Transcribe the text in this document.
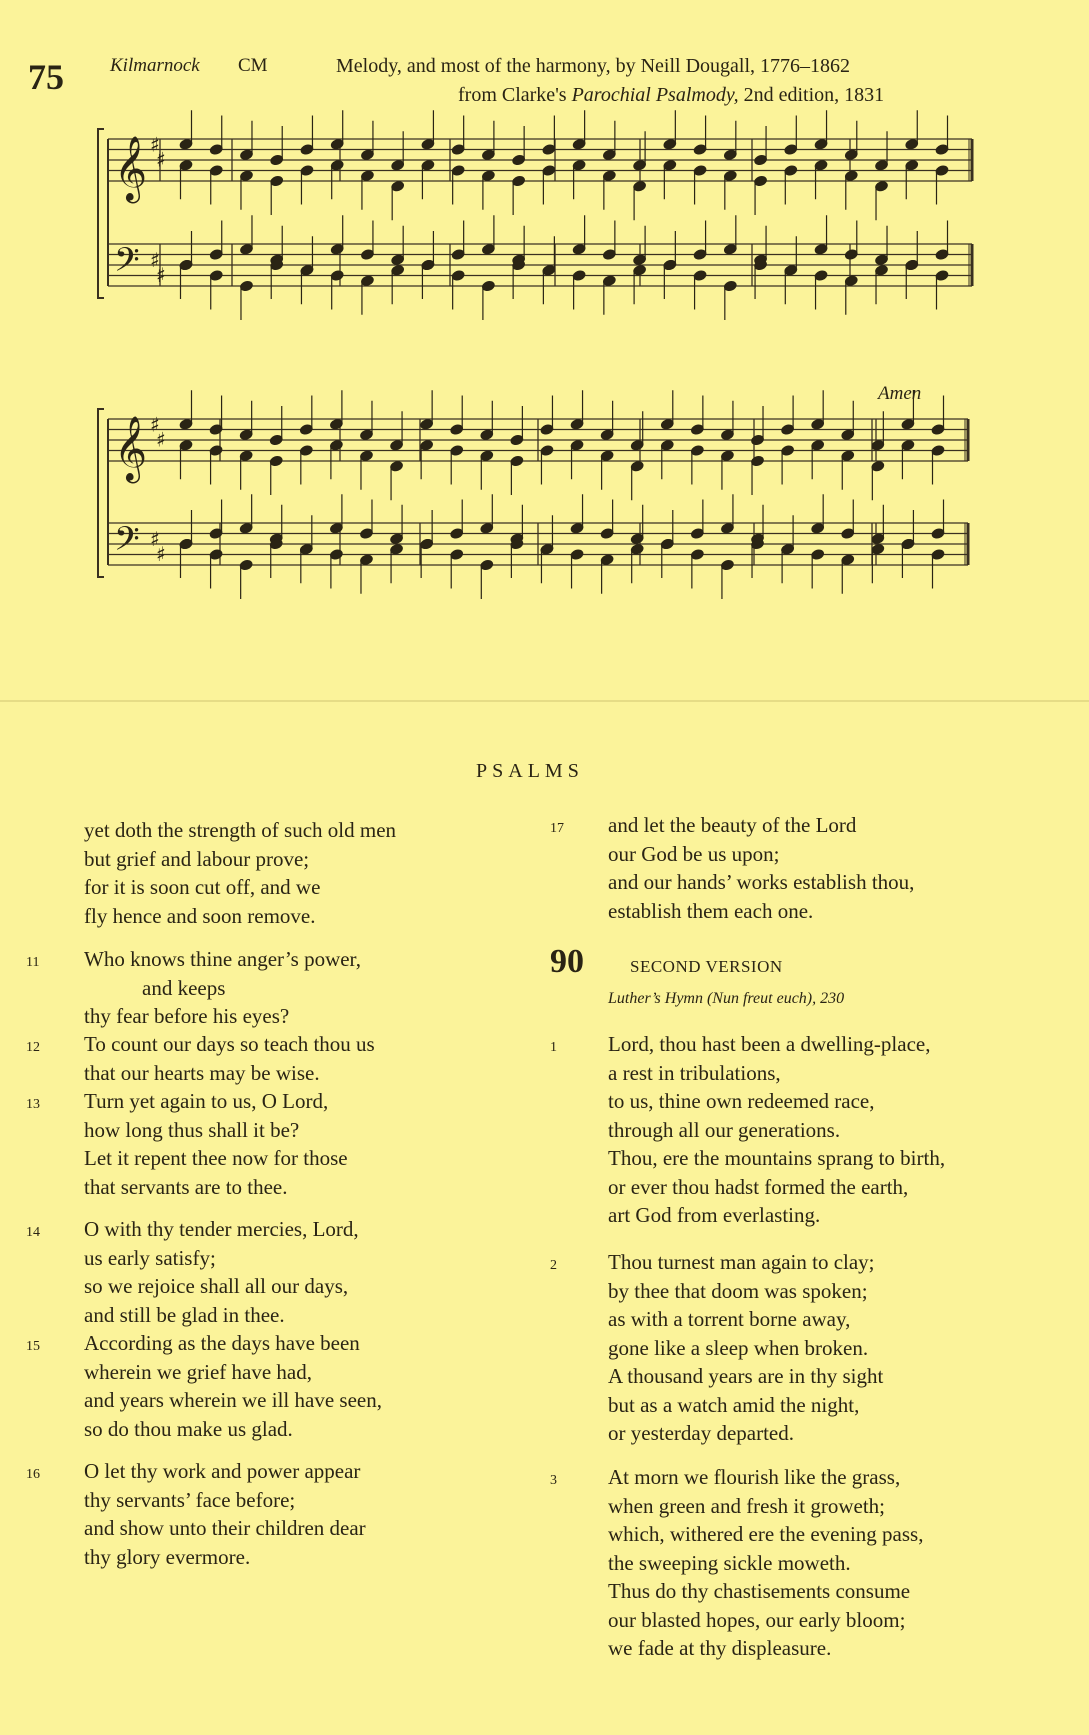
75 Kilmarnock CM	Melody, and most of the harmony, by Neill Dougall, 1776–1862
from Clarke's Parochial Psalmody, 2nd edition, 1831
Amen
𝄞
𝄢
♯
♯
♯
♯
𝄞
𝄢
♯
♯
♯
♯
PSALMS
yet doth the strength of such old men
but grief and labour prove;
for it is soon cut off, and we
fly hence and soon remove.
11 Who knows thine anger’s power,
and keeps
thy fear before his eyes?
12 To count our days so teach thou us
that our hearts may be wise.
13 Turn yet again to us, O Lord,
how long thus shall it be?
Let it repent thee now for those
that servants are to thee.
14 O with thy tender mercies, Lord,
us early satisfy;
so we rejoice shall all our days,
and still be glad in thee.
15 According as the days have been
wherein we grief have had,
and years wherein we ill have seen,
so do thou make us glad.
16 O let thy work and power appear
thy servants’ face before;
and show unto their children dear
thy glory evermore.
17 and let the beauty of the Lord
our God be us upon;
and our hands’ works establish thou,
establish them each one.
90	SECOND VERSION
Luther’s Hymn (Nun freut euch), 230
1 Lord, thou hast been a dwelling-place,
a rest in tribulations,
to us, thine own redeemed race,
through all our generations.
Thou, ere the mountains sprang to birth,
or ever thou hadst formed the earth,
art God from everlasting.
2 Thou turnest man again to clay;
by thee that doom was spoken;
as with a torrent borne away,
gone like a sleep when broken.
A thousand years are in thy sight
but as a watch amid the night,
or yesterday departed.
3 At morn we flourish like the grass,
when green and fresh it groweth;
which, withered ere the evening pass,
the sweeping sickle moweth.
Thus do thy chastisements consume
our blasted hopes, our early bloom;
we fade at thy displeasure.
